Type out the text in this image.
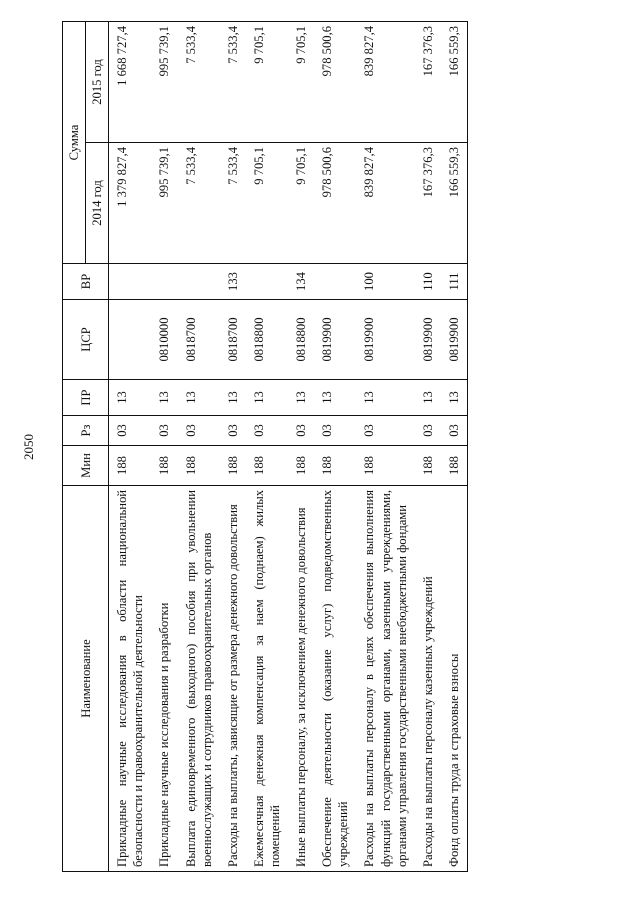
2050
Наименование	Мин	Рз	ПР	ЦСР	ВР	Сумма	
						2014 год	2015 год
Прикладные научные исследования в области национальной безопасности и правоохранительной деятельности	188	03	13			1 379 827,4	1 668 727,4
Прикладные научные исследования и разработки	188	03	13	0810000		995 739,1	995 739,1
Выплата единовременного (выходного) пособия при увольнении военнослужащих и сотрудников правоохранительных органов	188	03	13	0818700		7 533,4	7 533,4
Расходы на выплаты, зависящие от размера денежного довольствия	188	03	13	0818700	133	7 533,4	7 533,4
Ежемесячная денежная компенсация за наем (поднаем) жилых помещений	188	03	13	0818800		9 705,1	9 705,1
Иные выплаты персоналу, за исключением денежного довольствия	188	03	13	0818800	134	9 705,1	9 705,1
Обеспечение деятельности (оказание услуг) подведомственных учреждений	188	03	13	0819900		978 500,6	978 500,6
Расходы на выплаты персоналу в целях обеспечения выполнения функций государственными органами, казенными учреждениями, органами управления государственными внебюджетными фондами	188	03	13	0819900	100	839 827,4	839 827,4
Расходы на выплаты персоналу казенных учреждений	188	03	13	0819900	110	167 376,3	167 376,3
Фонд оплаты труда и страховые взносы	188	03	13	0819900	111	166 559,3	166 559,3
